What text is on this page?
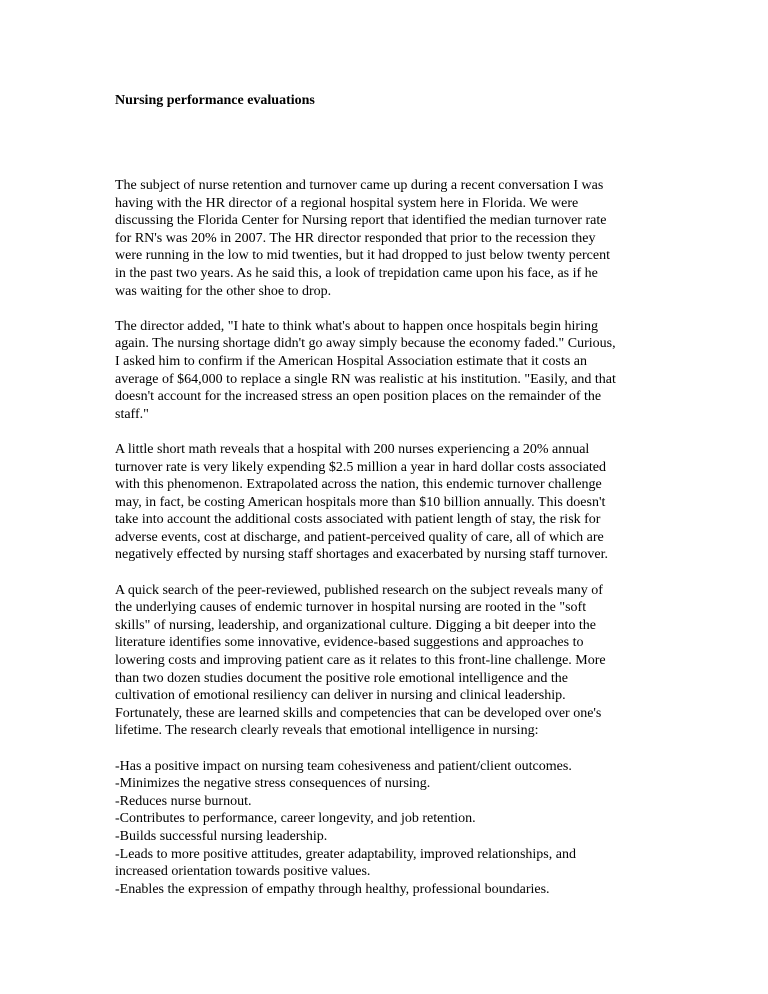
Nursing performance evaluations
The subject of nurse retention and turnover came up during a recent conversation I was
having with the HR director of a regional hospital system here in Florida. We were
discussing the Florida Center for Nursing report that identified the median turnover rate
for RN's was 20% in 2007. The HR director responded that prior to the recession they
were running in the low to mid twenties, but it had dropped to just below twenty percent
in the past two years. As he said this, a look of trepidation came upon his face, as if he
was waiting for the other shoe to drop.
The director added, "I hate to think what's about to happen once hospitals begin hiring
again. The nursing shortage didn't go away simply because the economy faded." Curious,
I asked him to confirm if the American Hospital Association estimate that it costs an
average of $64,000 to replace a single RN was realistic at his institution. "Easily, and that
doesn't account for the increased stress an open position places on the remainder of the
staff."
A little short math reveals that a hospital with 200 nurses experiencing a 20% annual
turnover rate is very likely expending $2.5 million a year in hard dollar costs associated
with this phenomenon. Extrapolated across the nation, this endemic turnover challenge
may, in fact, be costing American hospitals more than $10 billion annually. This doesn't
take into account the additional costs associated with patient length of stay, the risk for
adverse events, cost at discharge, and patient-perceived quality of care, all of which are
negatively effected by nursing staff shortages and exacerbated by nursing staff turnover.
A quick search of the peer-reviewed, published research on the subject reveals many of
the underlying causes of endemic turnover in hospital nursing are rooted in the "soft
skills" of nursing, leadership, and organizational culture. Digging a bit deeper into the
literature identifies some innovative, evidence-based suggestions and approaches to
lowering costs and improving patient care as it relates to this front-line challenge. More
than two dozen studies document the positive role emotional intelligence and the
cultivation of emotional resiliency can deliver in nursing and clinical leadership.
Fortunately, these are learned skills and competencies that can be developed over one's
lifetime. The research clearly reveals that emotional intelligence in nursing:
-Has a positive impact on nursing team cohesiveness and patient/client outcomes.
-Minimizes the negative stress consequences of nursing.
-Reduces nurse burnout.
-Contributes to performance, career longevity, and job retention.
-Builds successful nursing leadership.
-Leads to more positive attitudes, greater adaptability, improved relationships, and
increased orientation towards positive values.
-Enables the expression of empathy through healthy, professional boundaries.
